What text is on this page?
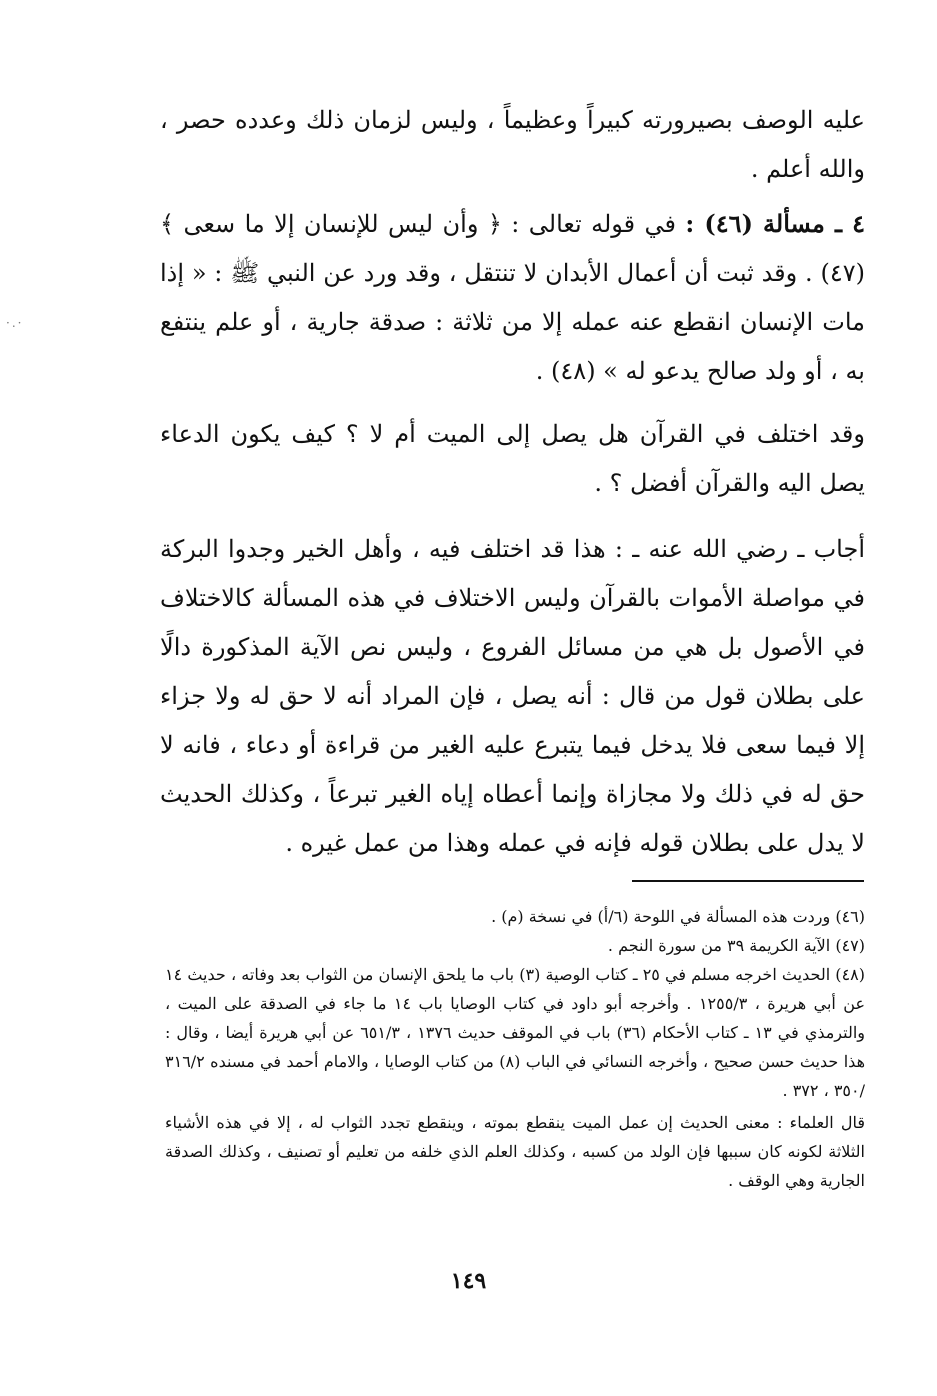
عليه الوصف بصيرورته كبيراً وعظيماً ، وليس لزمان ذلك وعدده حصر ، والله أعلم .

٤ ـ مسألة (٤٦) : في قوله تعالى : ﴿ وأن ليس للإنسان إلا ما سعى ﴾ (٤٧) . وقد ثبت أن أعمال الأبدان لا تنتقل ، وقد ورد عن النبي ﷺ : « إذا مات الإنسان انقطع عنه عمله إلا من ثلاثة : صدقة جارية ، أو علم ينتفع به ، أو ولد صالح يدعو له » (٤٨) .

وقد اختلف في القرآن هل يصل إلى الميت أم لا ؟ كيف يكون الدعاء يصل اليه والقرآن أفضل ؟ .

أجاب ـ رضي الله عنه ـ : هذا قد اختلف فيه ، وأهل الخير وجدوا البركة في مواصلة الأموات بالقرآن وليس الاختلاف في هذه المسألة كالاختلاف في الأصول بل هي من مسائل الفروع ، وليس نص الآية المذكورة دالًا على بطلان قول من قال : أنه يصل ، فإن المراد أنه لا حق له ولا جزاء إلا فيما سعى فلا يدخل فيما يتبرع عليه الغير من قراءة أو دعاء ، فانه لا حق له في ذلك ولا مجازاة وإنما أعطاه إياه الغير تبرعاً ، وكذلك الحديث لا يدل على بطلان قوله فإنه في عمله وهذا من عمل غيره .

·.·

(٤٦) وردت هذه المسألة في اللوحة (٦/أ) في نسخة (م) .

(٤٧) الآية الكريمة ٣٩ من سورة النجم .

(٤٨) الحديث اخرجه مسلم في ٢٥ ـ كتاب الوصية (٣) باب ما يلحق الإنسان من الثواب بعد وفاته ، حديث ١٤ عن أبي هريرة ، ١٢٥٥/٣ . وأخرجه أبو داود في كتاب الوصايا باب ١٤ ما جاء في الصدقة على الميت ، والترمذي في ١٣ ـ كتاب الأحكام (٣٦) باب في الموقف حديث ١٣٧٦ ، ٦٥١/٣ عن أبي هريرة أيضا ، وقال : هذا حديث حسن صحيح ، وأخرجه النسائي في الباب (٨) من كتاب الوصايا ، والامام أحمد في مسنده ٣١٦/٢ /٣٥٠ ، ٣٧٢ .

قال العلماء : معنى الحديث إن عمل الميت ينقطع بموته ، وينقطع تجدد الثواب له ، إلا في هذه الأشياء الثلاثة لكونه كان سببها فإن الولد من كسبه ، وكذلك العلم الذي خلفه من تعليم أو تصنيف ، وكذلك الصدقة الجارية وهي الوقف .

١٤٩
